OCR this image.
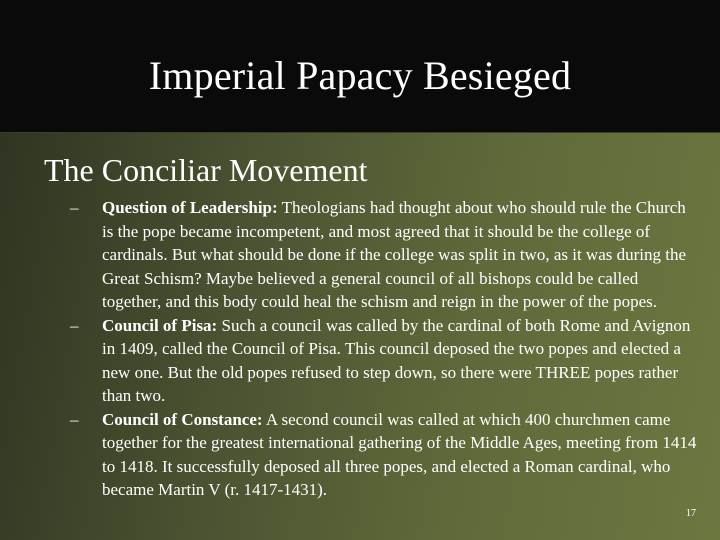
Imperial Papacy Besieged
The Conciliar Movement
–	Question of Leadership: Theologians had thought about who should rule the Church is the pope became incompetent, and most agreed that it should be the college of cardinals. But what should be done if the college was split in two, as it was during the Great Schism? Maybe believed a general council of all bishops could be called together, and this body could heal the schism and reign in the power of the popes.
–	Council of Pisa: Such a council was called by the cardinal of both Rome and Avignon in 1409, called the Council of Pisa. This council deposed the two popes and elected a new one. But the old popes refused to step down, so there were THREE popes rather than two.
–	Council of Constance: A second council was called at which 400 churchmen came together for the greatest international gathering of the Middle Ages, meeting from 1414 to 1418. It successfully deposed all three popes, and elected a Roman cardinal, who became Martin V (r. 1417-1431).
17
